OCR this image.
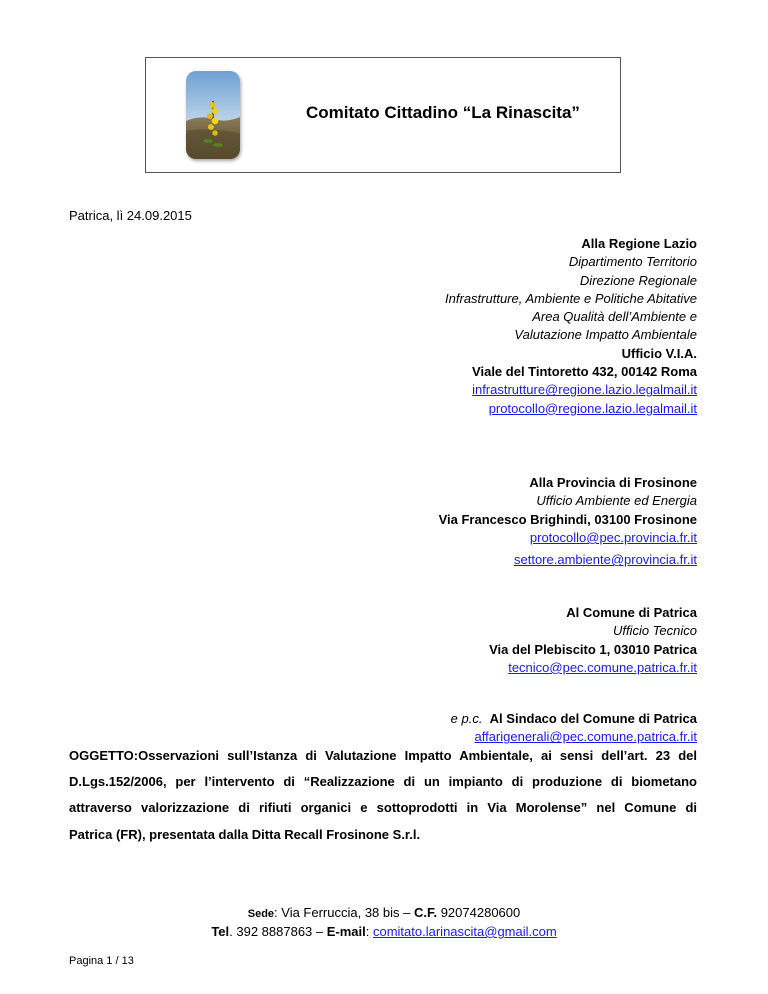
Comitato Cittadino “La Rinascita”
Patrica, lì 24.09.2015
Alla Regione Lazio
Dipartimento Territorio
Direzione Regionale
Infrastrutture, Ambiente e Politiche Abitative
Area Qualità dell’Ambiente e
Valutazione Impatto Ambientale
Ufficio V.I.A.
Viale del Tintoretto 432, 00142 Roma
infrastrutture@regione.lazio.legalmail.it
protocollo@regione.lazio.legalmail.it
Alla Provincia di Frosinone
Ufficio Ambiente ed Energia
Via Francesco Brighindi, 03100 Frosinone
protocollo@pec.provincia.fr.it
settore.ambiente@provincia.fr.it
Al Comune di Patrica
Ufficio Tecnico
Via del Plebiscito 1, 03010 Patrica
tecnico@pec.comune.patrica.fr.it
e p.c. Al Sindaco del Comune di Patrica
affarigenerali@pec.comune.patrica.fr.it
OGGETTO:Osservazioni sull’Istanza di Valutazione Impatto Ambientale, ai sensi dell’art. 23 del
D.Lgs.152/2006, per l’intervento di “Realizzazione di un impianto di produzione di biometano
attraverso valorizzazione di rifiuti organici e sottoprodotti in Via Morolense” nel Comune di
Patrica (FR), presentata dalla Ditta Recall Frosinone S.r.l.
Sede: Via Ferruccia, 38 bis – C.F. 92074280600
Tel. 392 8887863 – E-mail: comitato.larinascita@gmail.com
Pagina 1 / 13
